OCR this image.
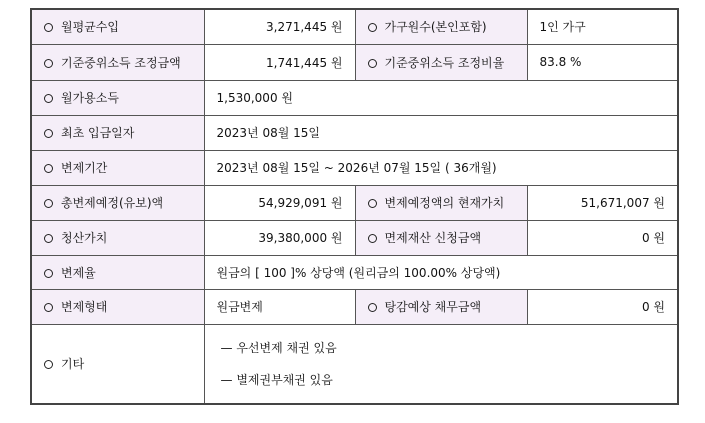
월평균수입	3,271,445 원	가구원수(본인포함)	1인 가구
기준중위소득 조정금액	1,741,445 원	기준중위소득 조정비율	83.8 %
월가용소득	1,530,000 원		
최초 입금일자	2023년 08월 15일		
변제기간	2023년 08월 15일 ~ 2026년 07월 15일 ( 36개월)		
총변제예정(유보)액	54,929,091 원	변제예정액의 현재가치	51,671,007 원
청산가치	39,380,000 원	면제재산 신청금액	0 원
변제율	원금의 [ 100 ]% 상당액 (원리금의 100.00% 상당액)		
변제형태	원금변제	탕감예상 채무금액	0 원
기타	— 우선변제 채권 있음
— 별제권부채권 있음		
